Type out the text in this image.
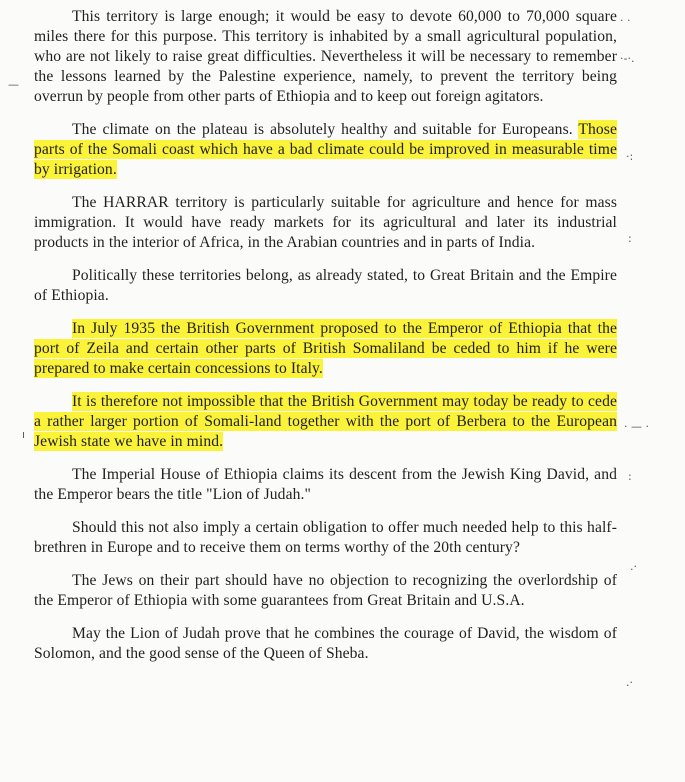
This territory is large enough; it would be easy to devote 60,000 to 70,000 square miles there for this purpose. This territory is inhabited by a small agricultural population, who are not likely to raise great difficulties. Nevertheless it will be necessary to remember the lessons learned by the Palestine experience, namely, to prevent the territory being overrun by people from other parts of Ethiopia and to keep out foreign agitators.

The climate on the plateau is absolutely healthy and suitable for Europeans. Those parts of the Somali coast which have a bad climate could be improved in measurable time by irrigation.

The HARRAR territory is particularly suitable for agriculture and hence for mass immigration. It would have ready markets for its agricultural and later its industrial products in the interior of Africa, in the Arabian countries and in parts of India.

Politically these territories belong, as already stated, to Great Britain and the Empire of Ethiopia.

In July 1935 the British Government proposed to the Emperor of Ethiopia that the port of Zeila and certain other parts of British Somaliland be ceded to him if he were prepared to make certain concessions to Italy.

It is therefore not impossible that the British Government may today be ready to cede a rather larger portion of Somali-land together with the port of Berbera to the European Jewish state we have in mind.

The Imperial House of Ethiopia claims its descent from the Jewish King David, and the Emperor bears the title "Lion of Judah."

Should this not also imply a certain obligation to offer much needed help to this half-brethren in Europe and to receive them on terms worthy of the 20th century?

The Jews on their part should have no objection to recognizing the overlordship of the Emperor of Ethiopia with some guarantees from Great Britain and U.S.A.

May the Lion of Judah prove that he combines the courage of David, the wisdom of Solomon, and the good sense of the Queen of Sheba.

· ·
·-·.
—
·:
:
· — ·
ı
:
.·
.·
